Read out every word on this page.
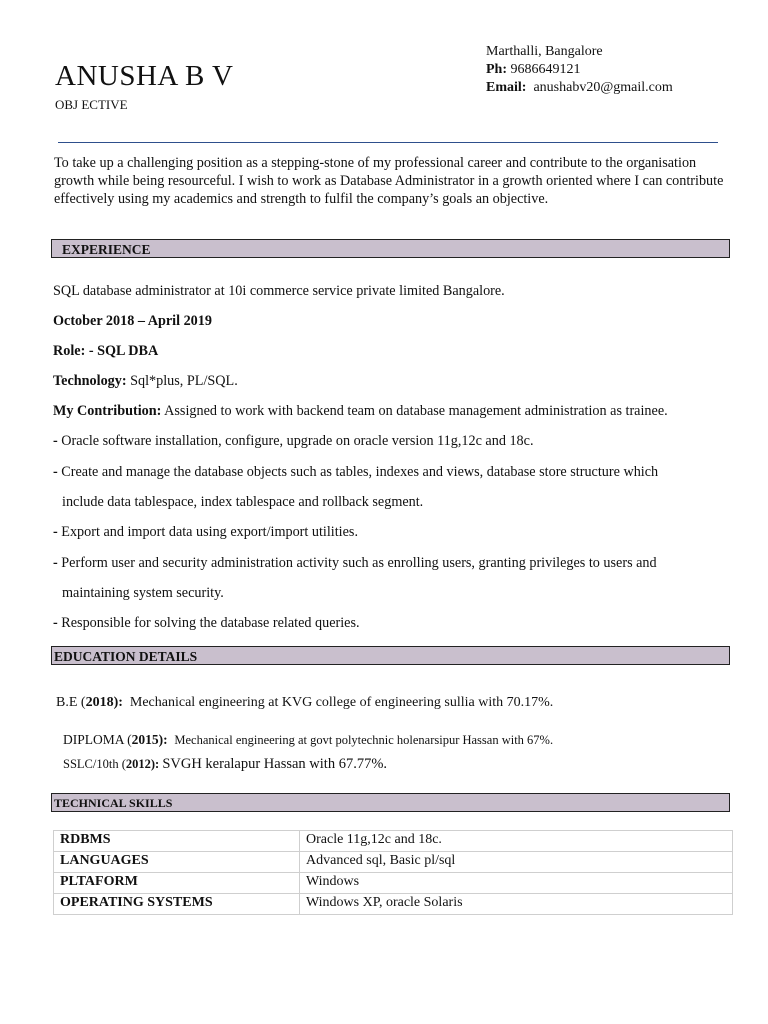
ANUSHA B V
OBJ ECTIVE
Marthalli, Bangalore
Ph: 9686649121
Email: anushabv20@gmail.com
To take up a challenging position as a stepping-stone of my professional career and contribute to the organisation growth while being resourceful. I wish to work as Database Administrator in a growth oriented where I can contribute effectively using my academics and strength to fulfil the company’s goals an objective.
EXPERIENCE
SQL database administrator at 10i commerce service private limited Bangalore.
October 2018 – April 2019
Role: - SQL DBA
Technology: Sql*plus, PL/SQL.
My Contribution: Assigned to work with backend team on database management administration as trainee.
- Oracle software installation, configure, upgrade on oracle version 11g,12c and 18c.
- Create and manage the database objects such as tables, indexes and views, database store structure which
include data tablespace, index tablespace and rollback segment.
- Export and import data using export/import utilities.
- Perform user and security administration activity such as enrolling users, granting privileges to users and
maintaining system security.
- Responsible for solving the database related queries.
EDUCATION DETAILS
B.E (2018): Mechanical engineering at KVG college of engineering sullia with 70.17%.
DIPLOMA (2015): Mechanical engineering at govt polytechnic holenarsipur Hassan with 67%.
SSLC/10th (2012): SVGH keralapur Hassan with 67.77%.
TECHNICAL SKILLS
RDBMS	Oracle 11g,12c and 18c.
LANGUAGES	Advanced sql, Basic pl/sql
PLTAFORM	Windows
OPERATING SYSTEMS	Windows XP, oracle Solaris
